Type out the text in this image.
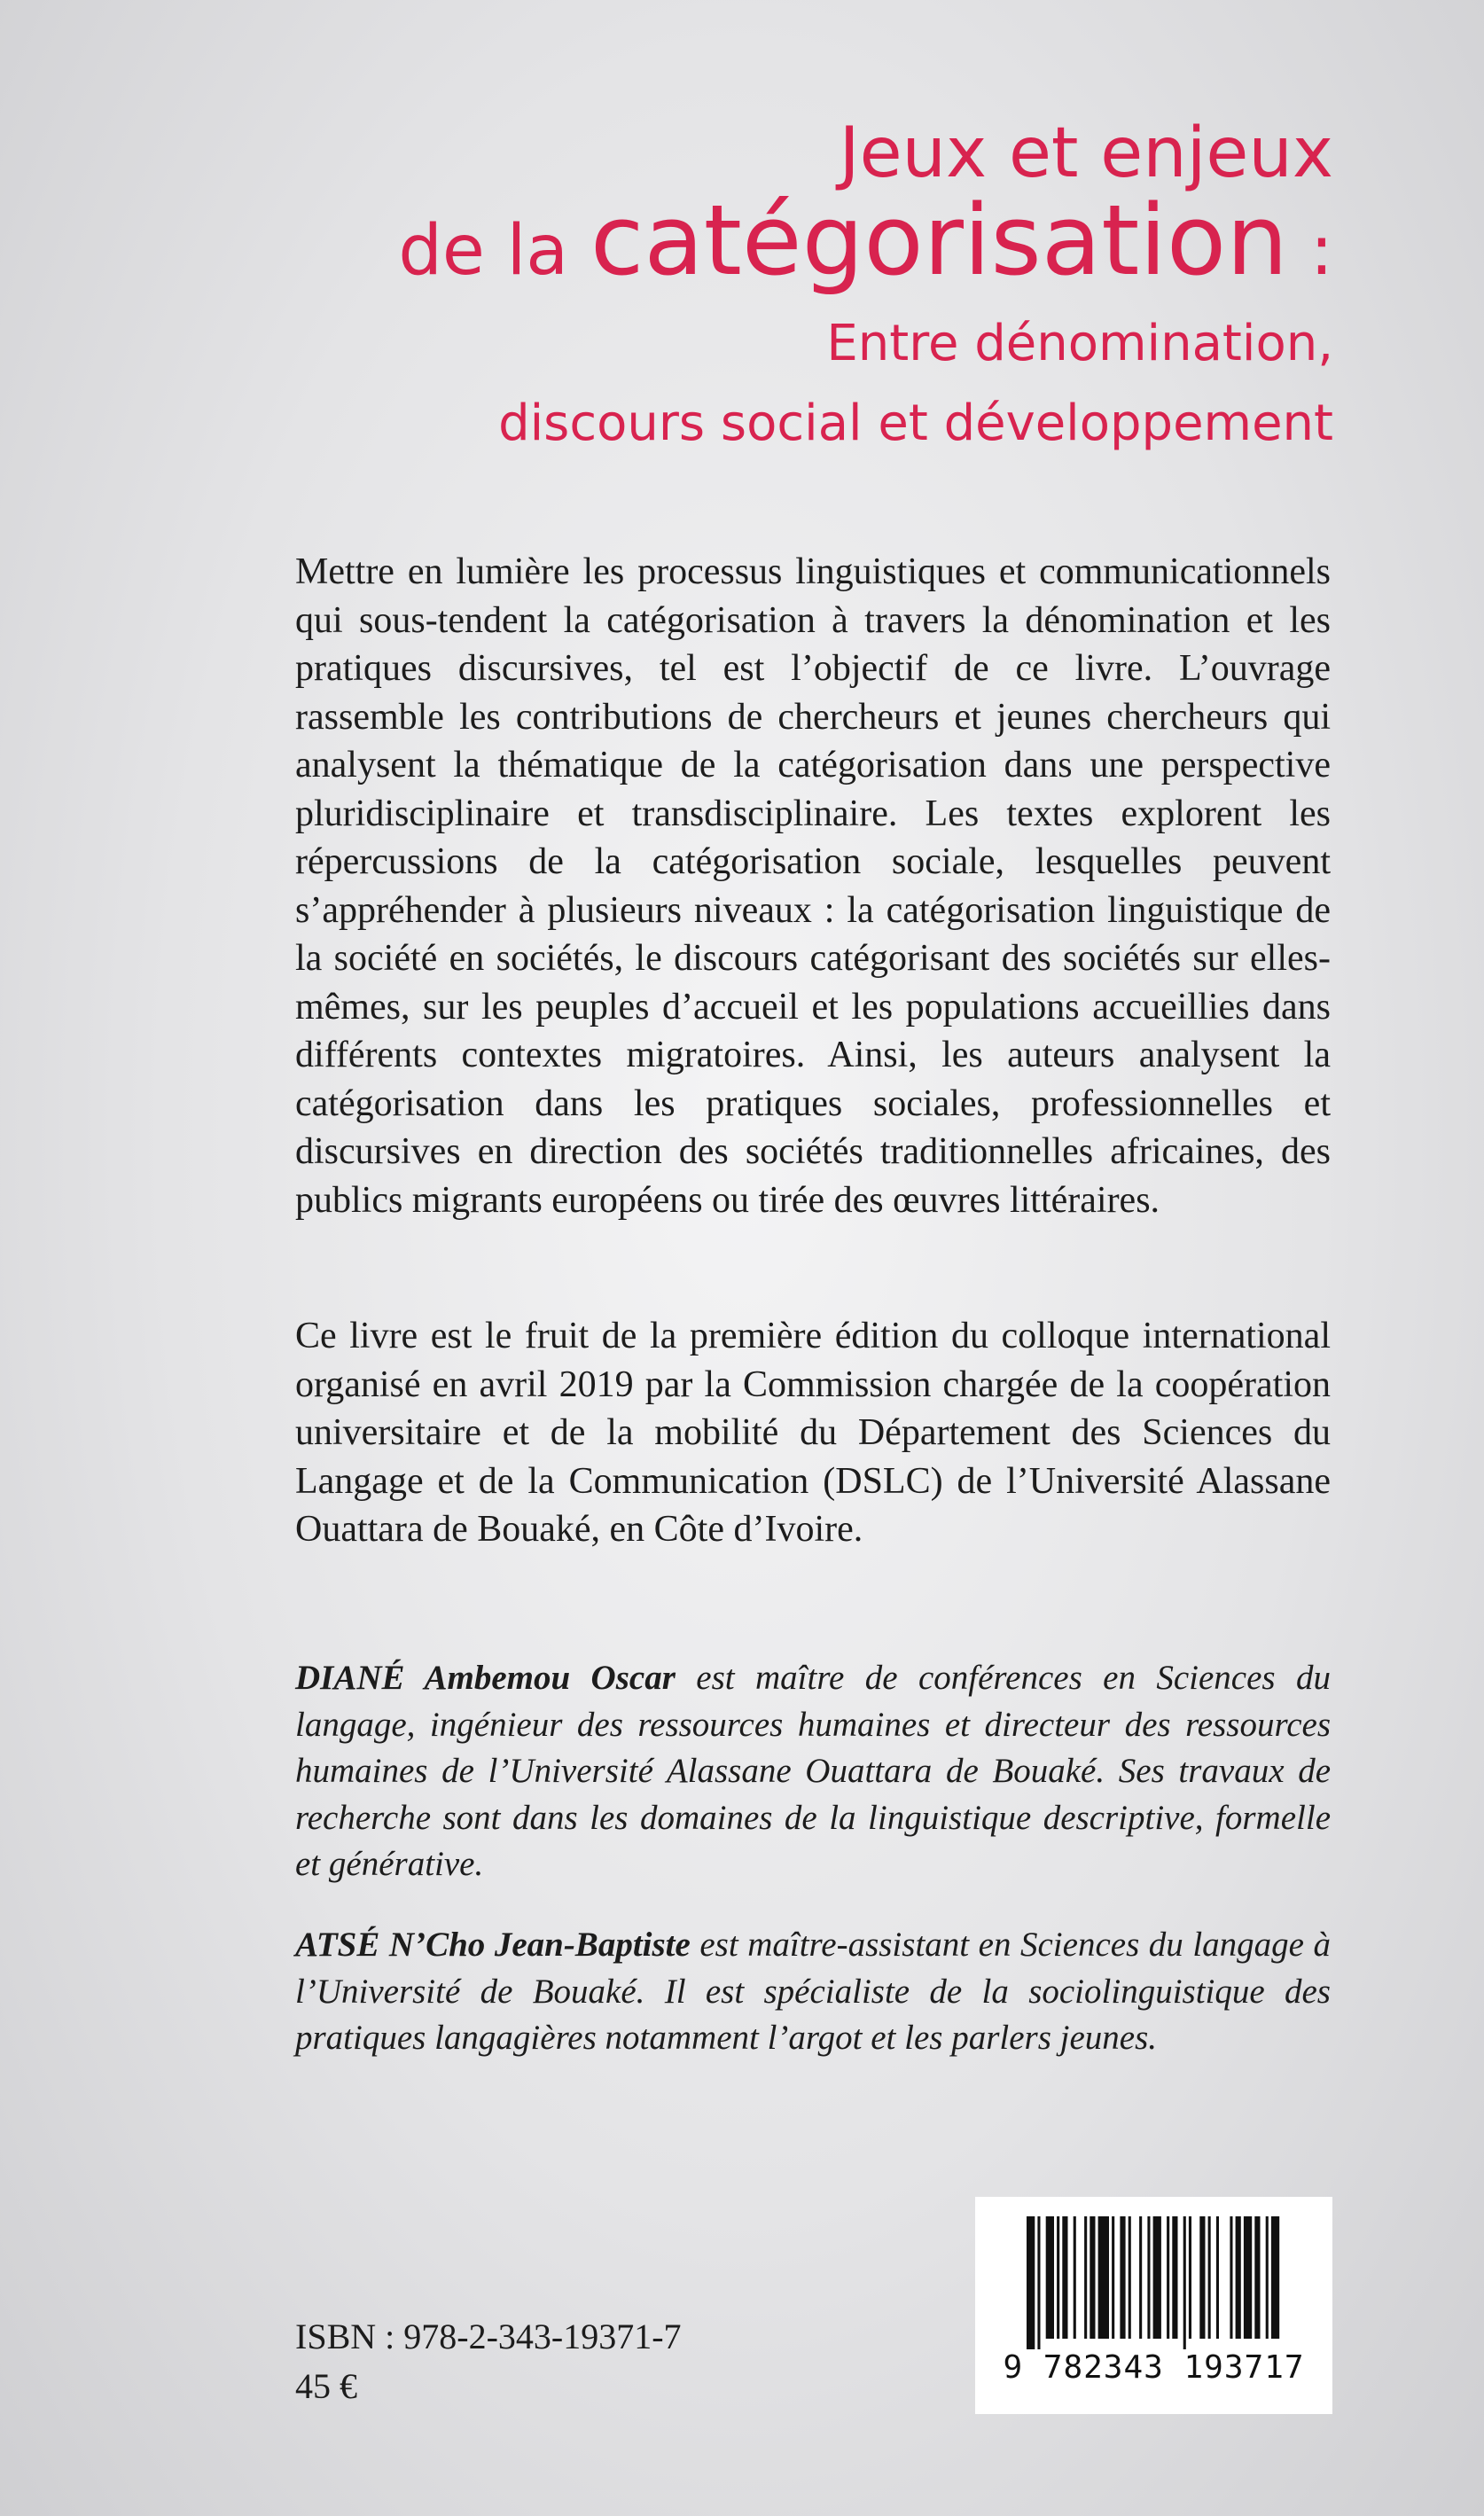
Jeux et enjeux
de la catégorisation :
Entre dénomination,
discours social et développement

Mettre en lumière les processus linguistiques et communicationnels qui sous-tendent la catégorisation à travers la dénomination et les pratiques discursives, tel est l’objectif de ce livre. L’ouvrage rassemble les contributions de chercheurs et jeunes chercheurs qui analysent la thématique de la catégorisation dans une perspective pluridisciplinaire et transdisciplinaire. Les textes explorent les répercussions de la catégorisation sociale, lesquelles peuvent s’appréhender à plusieurs niveaux : la catégorisation linguistique de la société en sociétés, le discours catégorisant des sociétés sur elles-mêmes, sur les peuples d’accueil et les populations accueillies dans différents contextes migratoires. Ainsi, les auteurs analysent la catégorisation dans les pratiques sociales, professionnelles et discursives en direction des sociétés traditionnelles africaines, des publics migrants européens ou tirée des œuvres littéraires.

Ce livre est le fruit de la première édition du colloque international organisé en avril 2019 par la Commission chargée de la coopération universitaire et de la mobilité du Département des Sciences du Langage et de la Communication (DSLC) de l’Université Alassane Ouattara de Bouaké, en Côte d’Ivoire.

DIANÉ Ambemou Oscar est maître de conférences en Sciences du langage, ingénieur des ressources humaines et directeur des ressources humaines de l’Université Alassane Ouattara de Bouaké. Ses travaux de recherche sont dans les domaines de la linguistique descriptive, formelle et générative.

ATSÉ N’Cho Jean-Baptiste est maître-assistant en Sciences du langage à l’Université de Bouaké. Il est spécialiste de la sociolinguistique des pratiques langagières notamment l’argot et les parlers jeunes.

ISBN : 978-2-343-19371-7
45 €	9 782343 193717
